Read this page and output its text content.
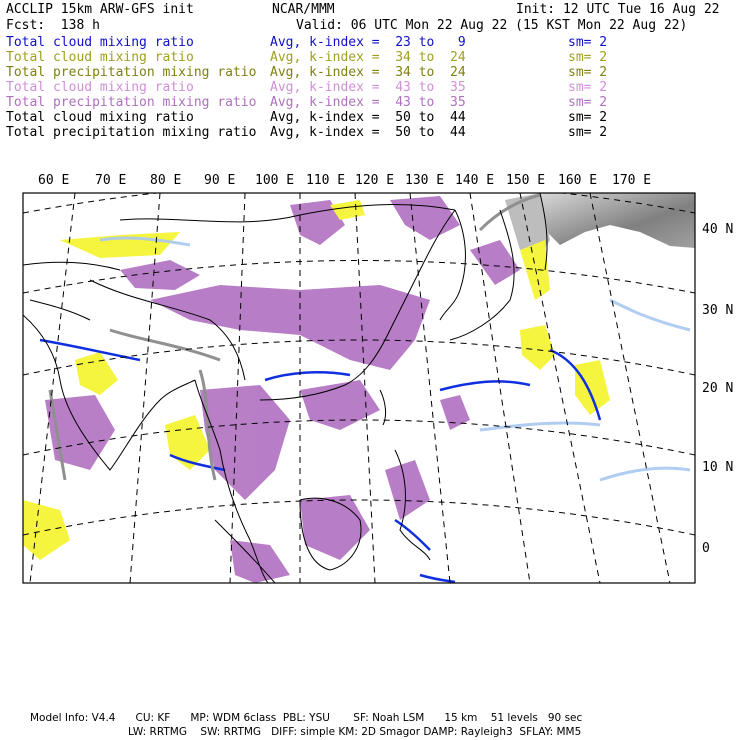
ACCLIP 15km ARW-GFS init	NCAR/MMM	Init: 12 UTC Tue 16 Aug 22
Fcst:  138 h	Valid: 06 UTC Mon 22 Aug 22 (15 KST Mon 22 Aug 22)
Total cloud mixing ratio	Avg, k-index =  23 to   9	sm= 2
Total cloud mixing ratio	Avg, k-index =  34 to  24	sm= 2
Total precipitation mixing ratio Avg, k-index =  34 to  24	sm= 2
Total cloud mixing ratio	Avg, k-index =  43 to  35	sm= 2
Total precipitation mixing ratio Avg, k-index =  43 to  35	sm= 2
Total cloud mixing ratio	Avg, k-index =  50 to  44	sm= 2
Total precipitation mixing ratio Avg, k-index =  50 to  44	sm= 2
60 E 70 E 80 E 90 E 100 E 110 E 120 E 130 E 140 E 150 E 160 E 170 E
40 N
30 N
20 N
10 N
0
Model Info: V4.4      CU: KF      MP: WDM 6class  PBL: YSU       SF: Noah LSM      15 km    51 levels   90 sec
LW: RRTMG    SW: RRTMG   DIFF: simple KM: 2D Smagor DAMP: Rayleigh3  SFLAY: MM5
